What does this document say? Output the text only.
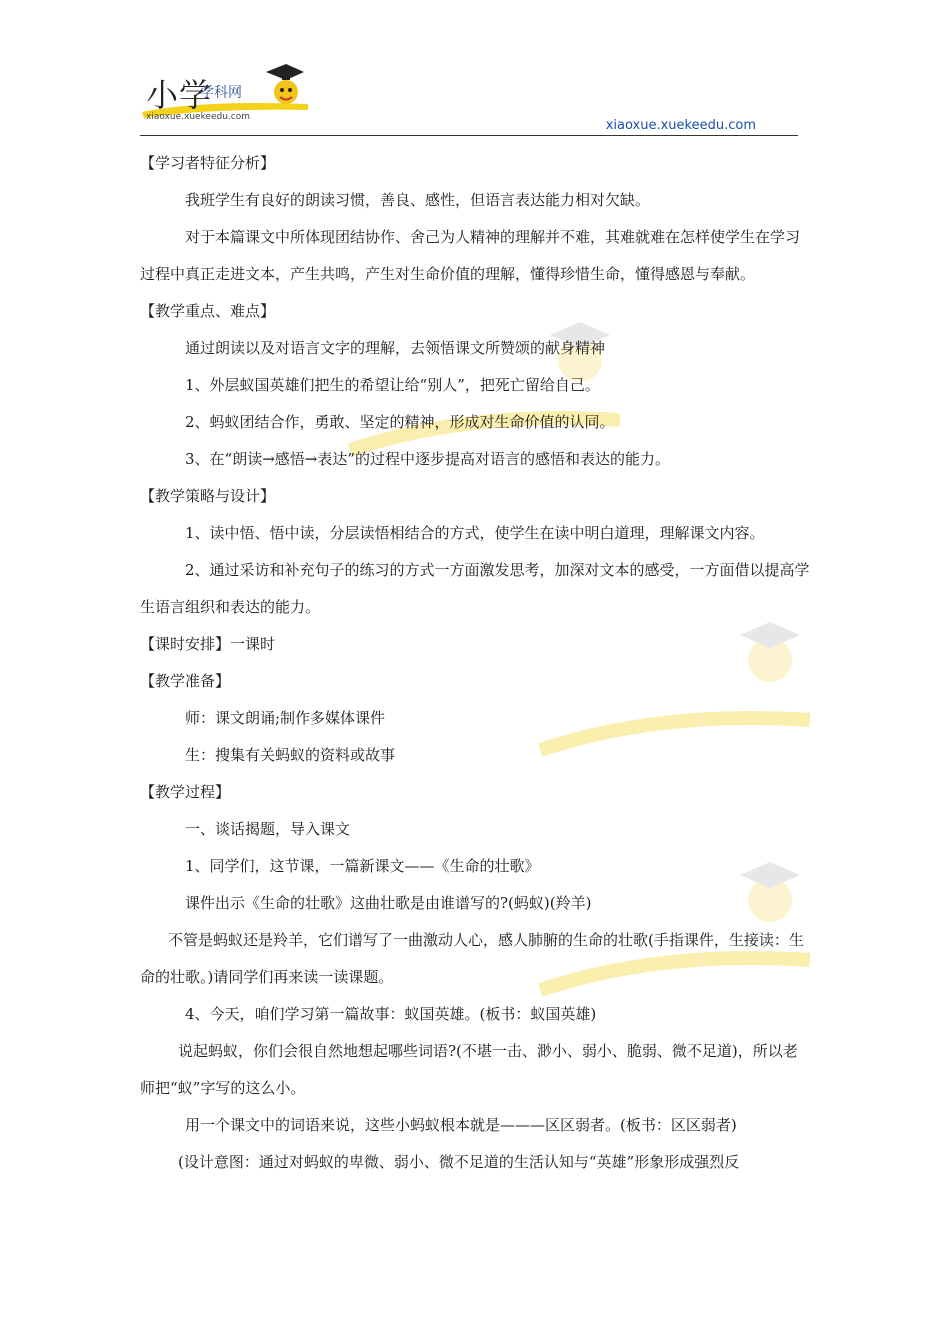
小学
学科网
xiaoxue.xuekeedu.com
xiaoxue.xuekeedu.com

【学习者特征分析】

我班学生有良好的朗读习惯，善良、感性，但语言表达能力相对欠缺。

对于本篇课文中所体现团结协作、舍己为人精神的理解并不难，其难就难在怎样使学生在学习过程中真正走进文本，产生共鸣，产生对生命价值的理解，懂得珍惜生命，懂得感恩与奉献。

【教学重点、难点】

通过朗读以及对语言文字的理解，去领悟课文所赞颂的献身精神

1、外层蚁国英雄们把生的希望让给“别人”，把死亡留给自己。

2、蚂蚁团结合作，勇敢、坚定的精神，形成对生命价值的认同。

3、在“朗读→感悟→表达”的过程中逐步提高对语言的感悟和表达的能力。

【教学策略与设计】

1、读中悟、悟中读，分层读悟相结合的方式，使学生在读中明白道理，理解课文内容。

2、通过采访和补充句子的练习的方式一方面激发思考，加深对文本的感受，一方面借以提高学生语言组织和表达的能力。

【课时安排】一课时

【教学准备】

师：课文朗诵;制作多媒体课件

生：搜集有关蚂蚁的资料或故事

【教学过程】

一、谈话揭题，导入课文

1、同学们，这节课，一篇新课文——《生命的壮歌》

课件出示《生命的壮歌》这曲壮歌是由谁谱写的?(蚂蚁)(羚羊)

不管是蚂蚁还是羚羊，它们谱写了一曲激动人心，感人肺腑的生命的壮歌(手指课件，生接读：生命的壮歌。)请同学们再来读一读课题。

4、今天，咱们学习第一篇故事：蚁国英雄。(板书：蚁国英雄)

说起蚂蚁，你们会很自然地想起哪些词语?(不堪一击、渺小、弱小、脆弱、微不足道)，所以老师把“蚁”字写的这么小。

用一个课文中的词语来说，这些小蚂蚁根本就是———区区弱者。(板书：区区弱者)

(设计意图：通过对蚂蚁的卑微、弱小、微不足道的生活认知与“英雄”形象形成强烈反
